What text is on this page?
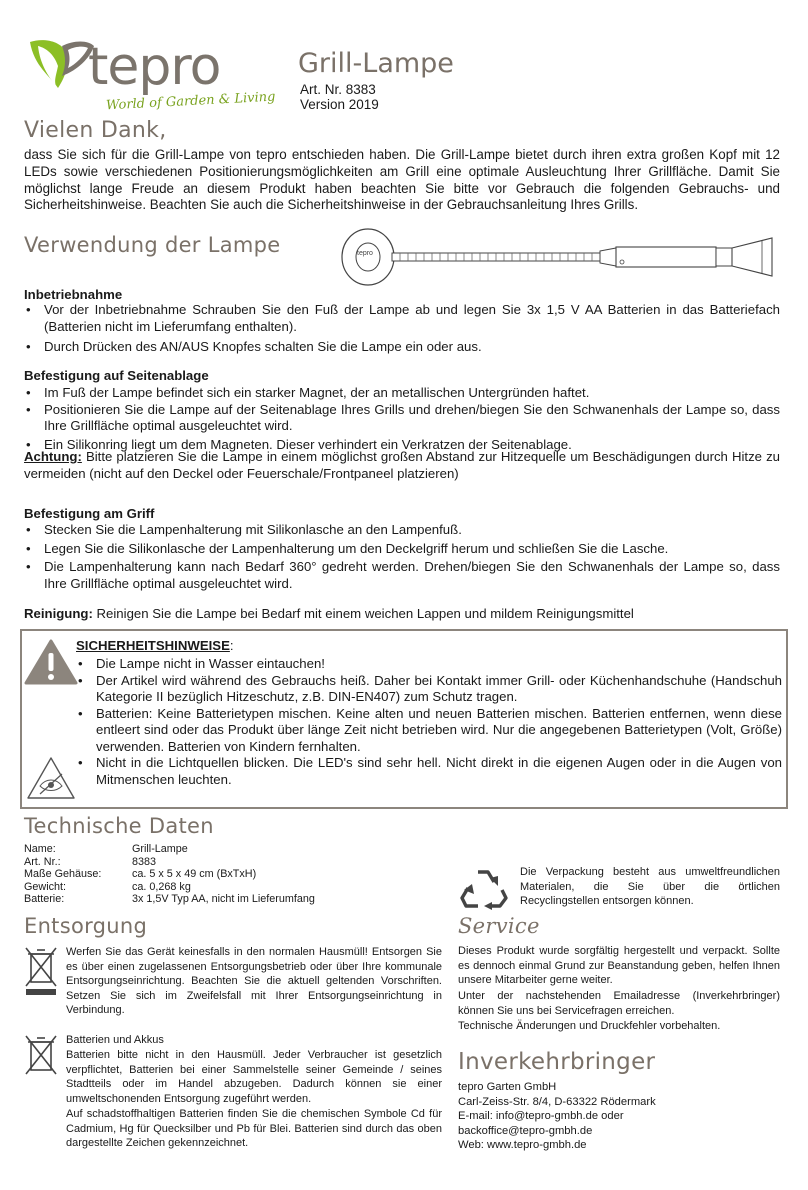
tepro
World of Garden & Living
Grill-Lampe
Art. Nr. 8383
Version 2019
Vielen Dank,
dass Sie sich für die Grill-Lampe von tepro entschieden haben. Die Grill-Lampe bietet durch ihren extra großen Kopf mit 12 LEDs sowie verschiedenen Positionierungsmöglichkeiten am Grill eine optimale Ausleuchtung Ihrer Grillfläche. Damit Sie möglichst lange Freude an diesem Produkt haben beachten Sie bitte vor Gebrauch die folgenden Gebrauchs- und Sicherheitshinweise. Beachten Sie auch die Sicherheitshinweise in der Gebrauchsanleitung Ihres Grills.
Verwendung der Lampe	tepro
Inbetriebnahme
• Vor der Inbetriebnahme Schrauben Sie den Fuß der Lampe ab und legen Sie 3x 1,5 V AA Batterien in das Batteriefach (Batterien nicht im Lieferumfang enthalten).
• Durch Drücken des AN/AUS Knopfes schalten Sie die Lampe ein oder aus.
Befestigung auf Seitenablage
• Im Fuß der Lampe befindet sich ein starker Magnet, der an metallischen Untergründen haftet.
• Positionieren Sie die Lampe auf der Seitenablage Ihres Grills und drehen/biegen Sie den Schwanenhals der Lampe so, dass Ihre Grillfläche optimal ausgeleuchtet wird.
• Ein Silikonring liegt um dem Magneten. Dieser verhindert ein Verkratzen der Seitenablage.
Achtung: Bitte platzieren Sie die Lampe in einem möglichst großen Abstand zur Hitzequelle um Beschädigungen durch Hitze zu vermeiden (nicht auf den Deckel oder Feuerschale/Frontpaneel platzieren)
Befestigung am Griff
• Stecken Sie die Lampenhalterung mit Silikonlasche an den Lampenfuß.
• Legen Sie die Silikonlasche der Lampenhalterung um den Deckelgriff herum und schließen Sie die Lasche.
• Die Lampenhalterung kann nach Bedarf 360° gedreht werden. Drehen/biegen Sie den Schwanenhals der Lampe so, dass Ihre Grillfläche optimal ausgeleuchtet wird.
Reinigung: Reinigen Sie die Lampe bei Bedarf mit einem weichen Lappen und mildem Reinigungsmittel
SICHERHEITSHINWEISE:
• Die Lampe nicht in Wasser eintauchen!
• Der Artikel wird während des Gebrauchs heiß. Daher bei Kontakt immer Grill- oder Küchenhandschuhe (Handschuh Kategorie II bezüglich Hitzeschutz, z.B. DIN-EN407) zum Schutz tragen.
• Batterien: Keine Batterietypen mischen. Keine alten und neuen Batterien mischen. Batterien entfernen, wenn diese entleert sind oder das Produkt über länge Zeit nicht betrieben wird. Nur die angegebenen Batterietypen (Volt, Größe) verwenden. Batterien von Kindern fernhalten.
• Nicht in die Lichtquellen blicken. Die LED's sind sehr hell. Nicht direkt in die eigenen Augen oder in die Augen von Mitmenschen leuchten.
Technische Daten
Name:	Grill-Lampe
Art. Nr.:	8383
Maße Gehäuse:	ca. 5 x 5 x 49 cm (BxTxH)
Gewicht:	ca. 0,268 kg
Batterie:	3x 1,5V Typ AA, nicht im Lieferumfang
Die Verpackung besteht aus umweltfreundlichen Materialen, die Sie über die örtlichen Recyclingstellen entsorgen können.
Entsorgung
Werfen Sie das Gerät keinesfalls in den normalen Hausmüll! Entsorgen Sie es über einen zugelassenen Entsorgungsbetrieb oder über Ihre kommunale Entsorgungseinrichtung. Beachten Sie die aktuell geltenden Vorschriften. Setzen Sie sich im Zweifelsfall mit Ihrer Entsorgungseinrichtung in Verbindung.
Batterien und Akkus
Batterien bitte nicht in den Hausmüll. Jeder Verbraucher ist gesetzlich verpflichtet, Batterien bei einer Sammelstelle seiner Gemeinde / seines Stadtteils oder im Handel abzugeben. Dadurch können sie einer umweltschonenden Entsorgung zugeführt werden.
Auf schadstoffhaltigen Batterien finden Sie die chemischen Symbole Cd für Cadmium, Hg für Quecksilber und Pb für Blei. Batterien sind durch das oben dargestellte Zeichen gekennzeichnet.
Service
Dieses Produkt wurde sorgfältig hergestellt und verpackt. Sollte es dennoch einmal Grund zur Beanstandung geben, helfen Ihnen unsere Mitarbeiter gerne weiter.
Unter der nachstehenden Emailadresse (Inverkehrbringer) können Sie uns bei Servicefragen erreichen.
Technische Änderungen und Druckfehler vorbehalten.
Inverkehrbringer
tepro Garten GmbH
Carl-Zeiss-Str. 8/4, D-63322 Rödermark
E-mail: info@tepro-gmbh.de oder
backoffice@tepro-gmbh.de
Web: www.tepro-gmbh.de
